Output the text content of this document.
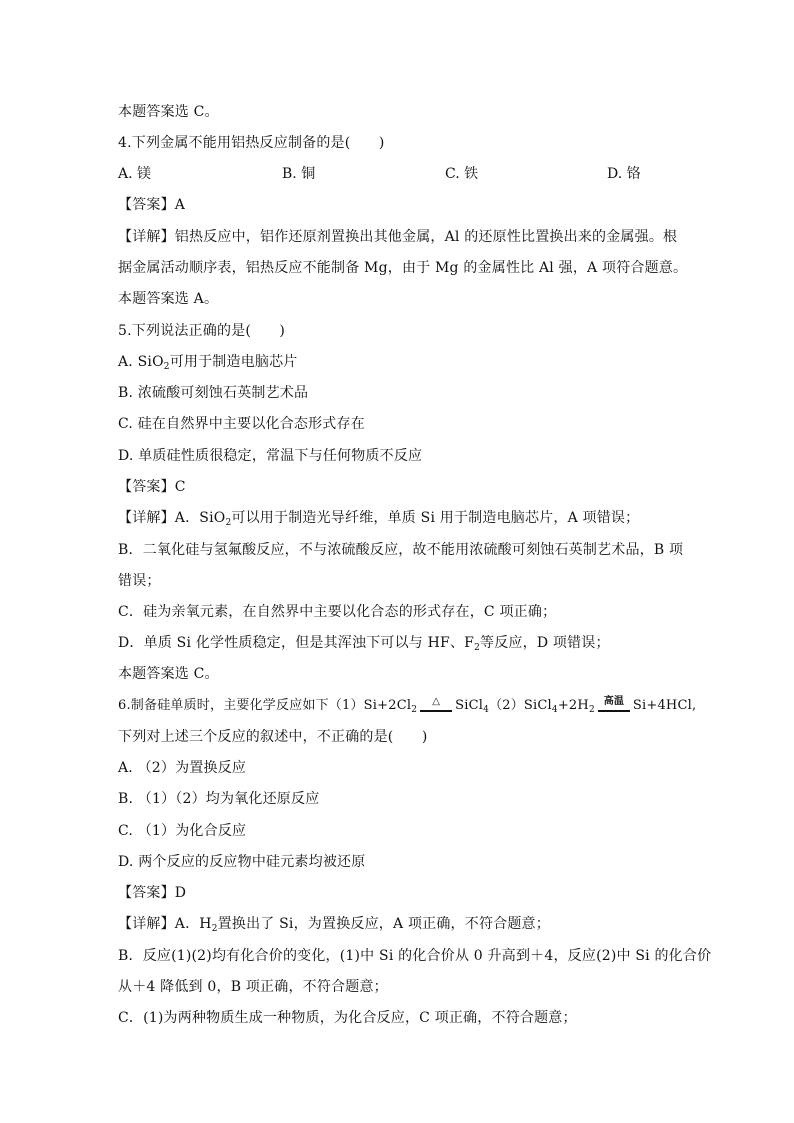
本题答案选 C。
4.下列金属不能用铝热反应制备的是(　　)
A. 镁	B. 铜	C. 铁	D. 铬
【答案】A
【详解】铝热反应中，铝作还原剂置换出其他金属，Al 的还原性比置换出来的金属强。根
据金属活动顺序表，铝热反应不能制备 Mg，由于 Mg 的金属性比 Al 强，A 项符合题意。
本题答案选 A。
5.下列说法正确的是(　　)
A. SiO$_2$可用于制造电脑芯片
B. 浓硫酸可刻蚀石英制艺术品
C. 硅在自然界中主要以化合态形式存在
D. 单质硅性质很稳定，常温下与任何物质不反应
【答案】C
【详解】A．SiO$_2$可以用于制造光导纤维，单质 Si 用于制造电脑芯片，A 项错误；
B．二氧化硅与氢氟酸反应，不与浓硫酸反应，故不能用浓硫酸可刻蚀石英制艺术品，B 项
错误；
C．硅为亲氧元素，在自然界中主要以化合态的形式存在，C 项正确；
D．单质 Si 化学性质稳定，但是其浑浊下可以与 HF、$F_2$等反应，D 项错误；
本题答案选 C。
6.制备硅单质时，主要化学反应如下$(1)Si+2Cl_2$
△	$SiCl_4(2)SiCl_4+2H_2$
高温 Si+4HCl,
下列对上述三个反应的叙述中，不正确的是(　　)
A. （2）为置换反应
B. （1）（2）均为氧化还原反应
C. （1）为化合反应
D. 两个反应的反应物中硅元素均被还原
【答案】D
【详解】A．$H_2$置换出了 Si，为置换反应，A 项正确，不符合题意；
B．反应(1)(2)均有化合价的变化，(1)中 Si 的化合价从 0 升高到＋4，反应(2)中 Si 的化合价
从＋4 降低到 0，B 项正确，不符合题意；
C．(1)为两种物质生成一种物质，为化合反应，C 项正确，不符合题意；
